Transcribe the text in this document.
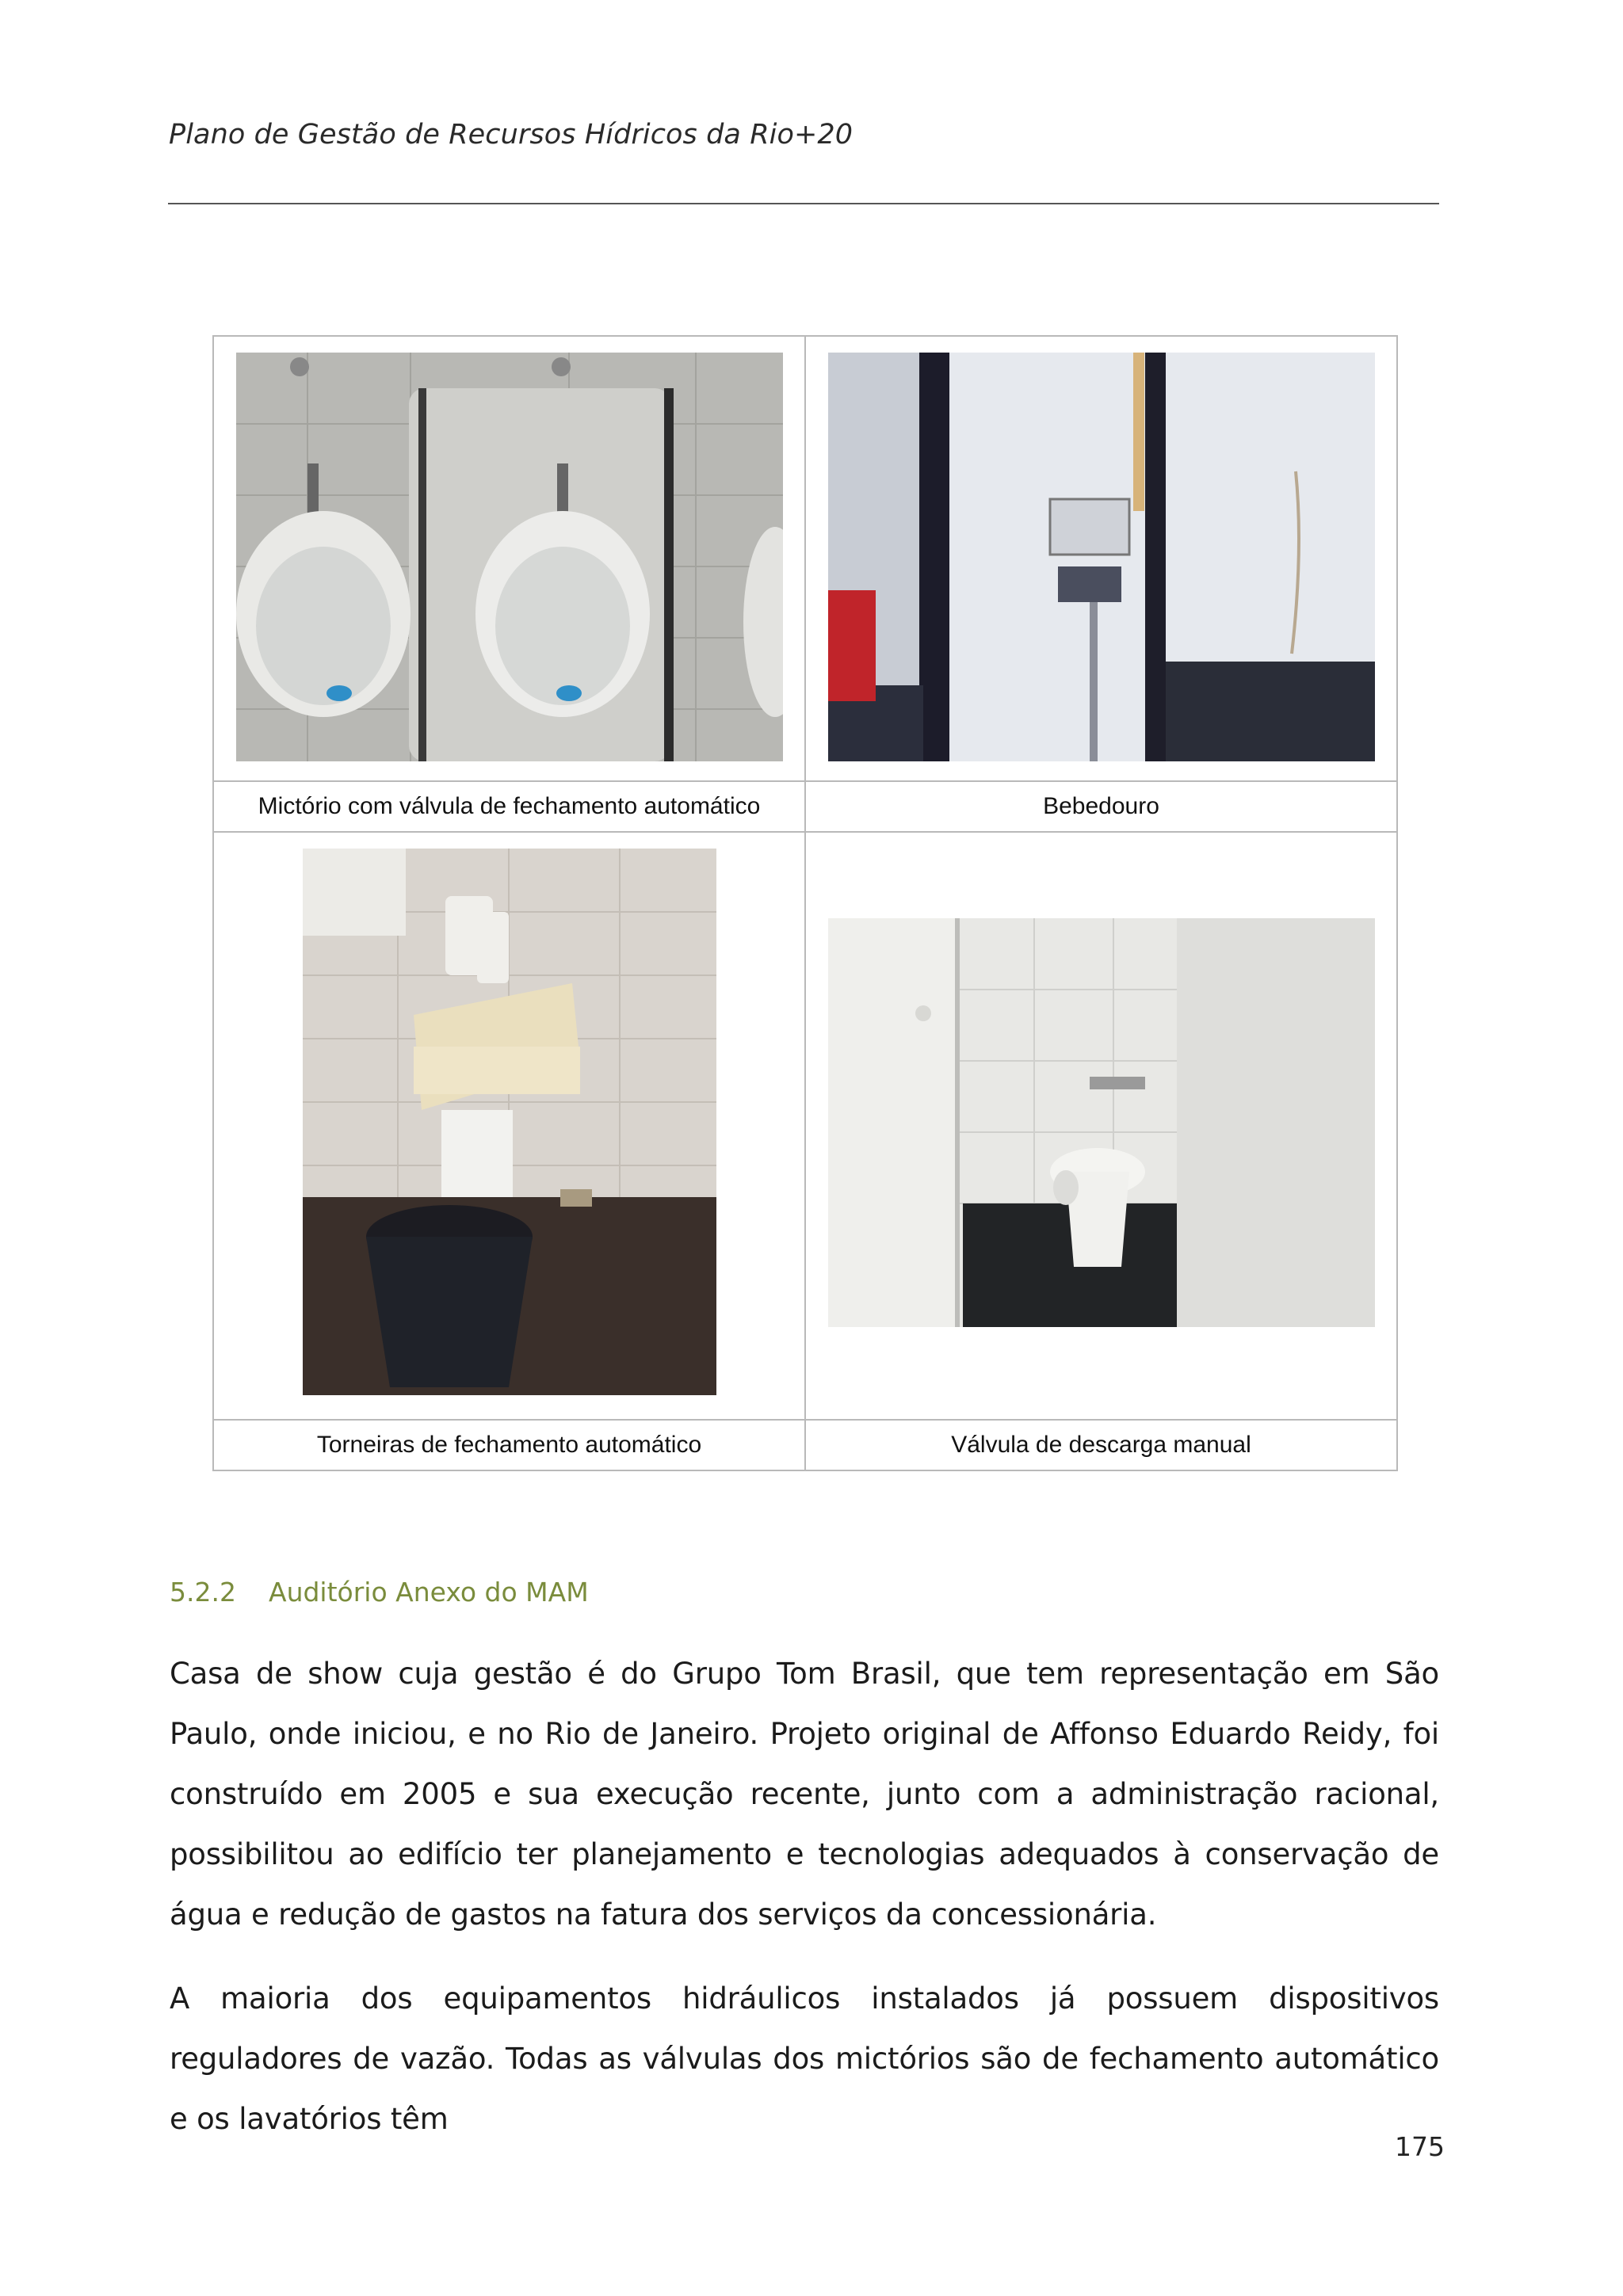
Plano de Gestão de Recursos Hídricos da Rio+20

Mictório com válvula de fechamento automático	Bebedouro

Torneiras de fechamento automático	Válvula de descarga manual
5.2.2 Auditório Anexo do MAM
Casa de show cuja gestão é do Grupo Tom Brasil, que tem representação em São Paulo, onde iniciou, e no Rio de Janeiro. Projeto original de Affonso Eduardo Reidy, foi construído em 2005 e sua execução recente, junto com a administração racional, possibilitou ao edifício ter planejamento e tecnologias adequados à conservação de água e redução de gastos na fatura dos serviços da concessionária.
A maioria dos equipamentos hidráulicos instalados já possuem dispositivos reguladores de vazão. Todas as válvulas dos mictórios são de fechamento automático e os lavatórios têm
175
